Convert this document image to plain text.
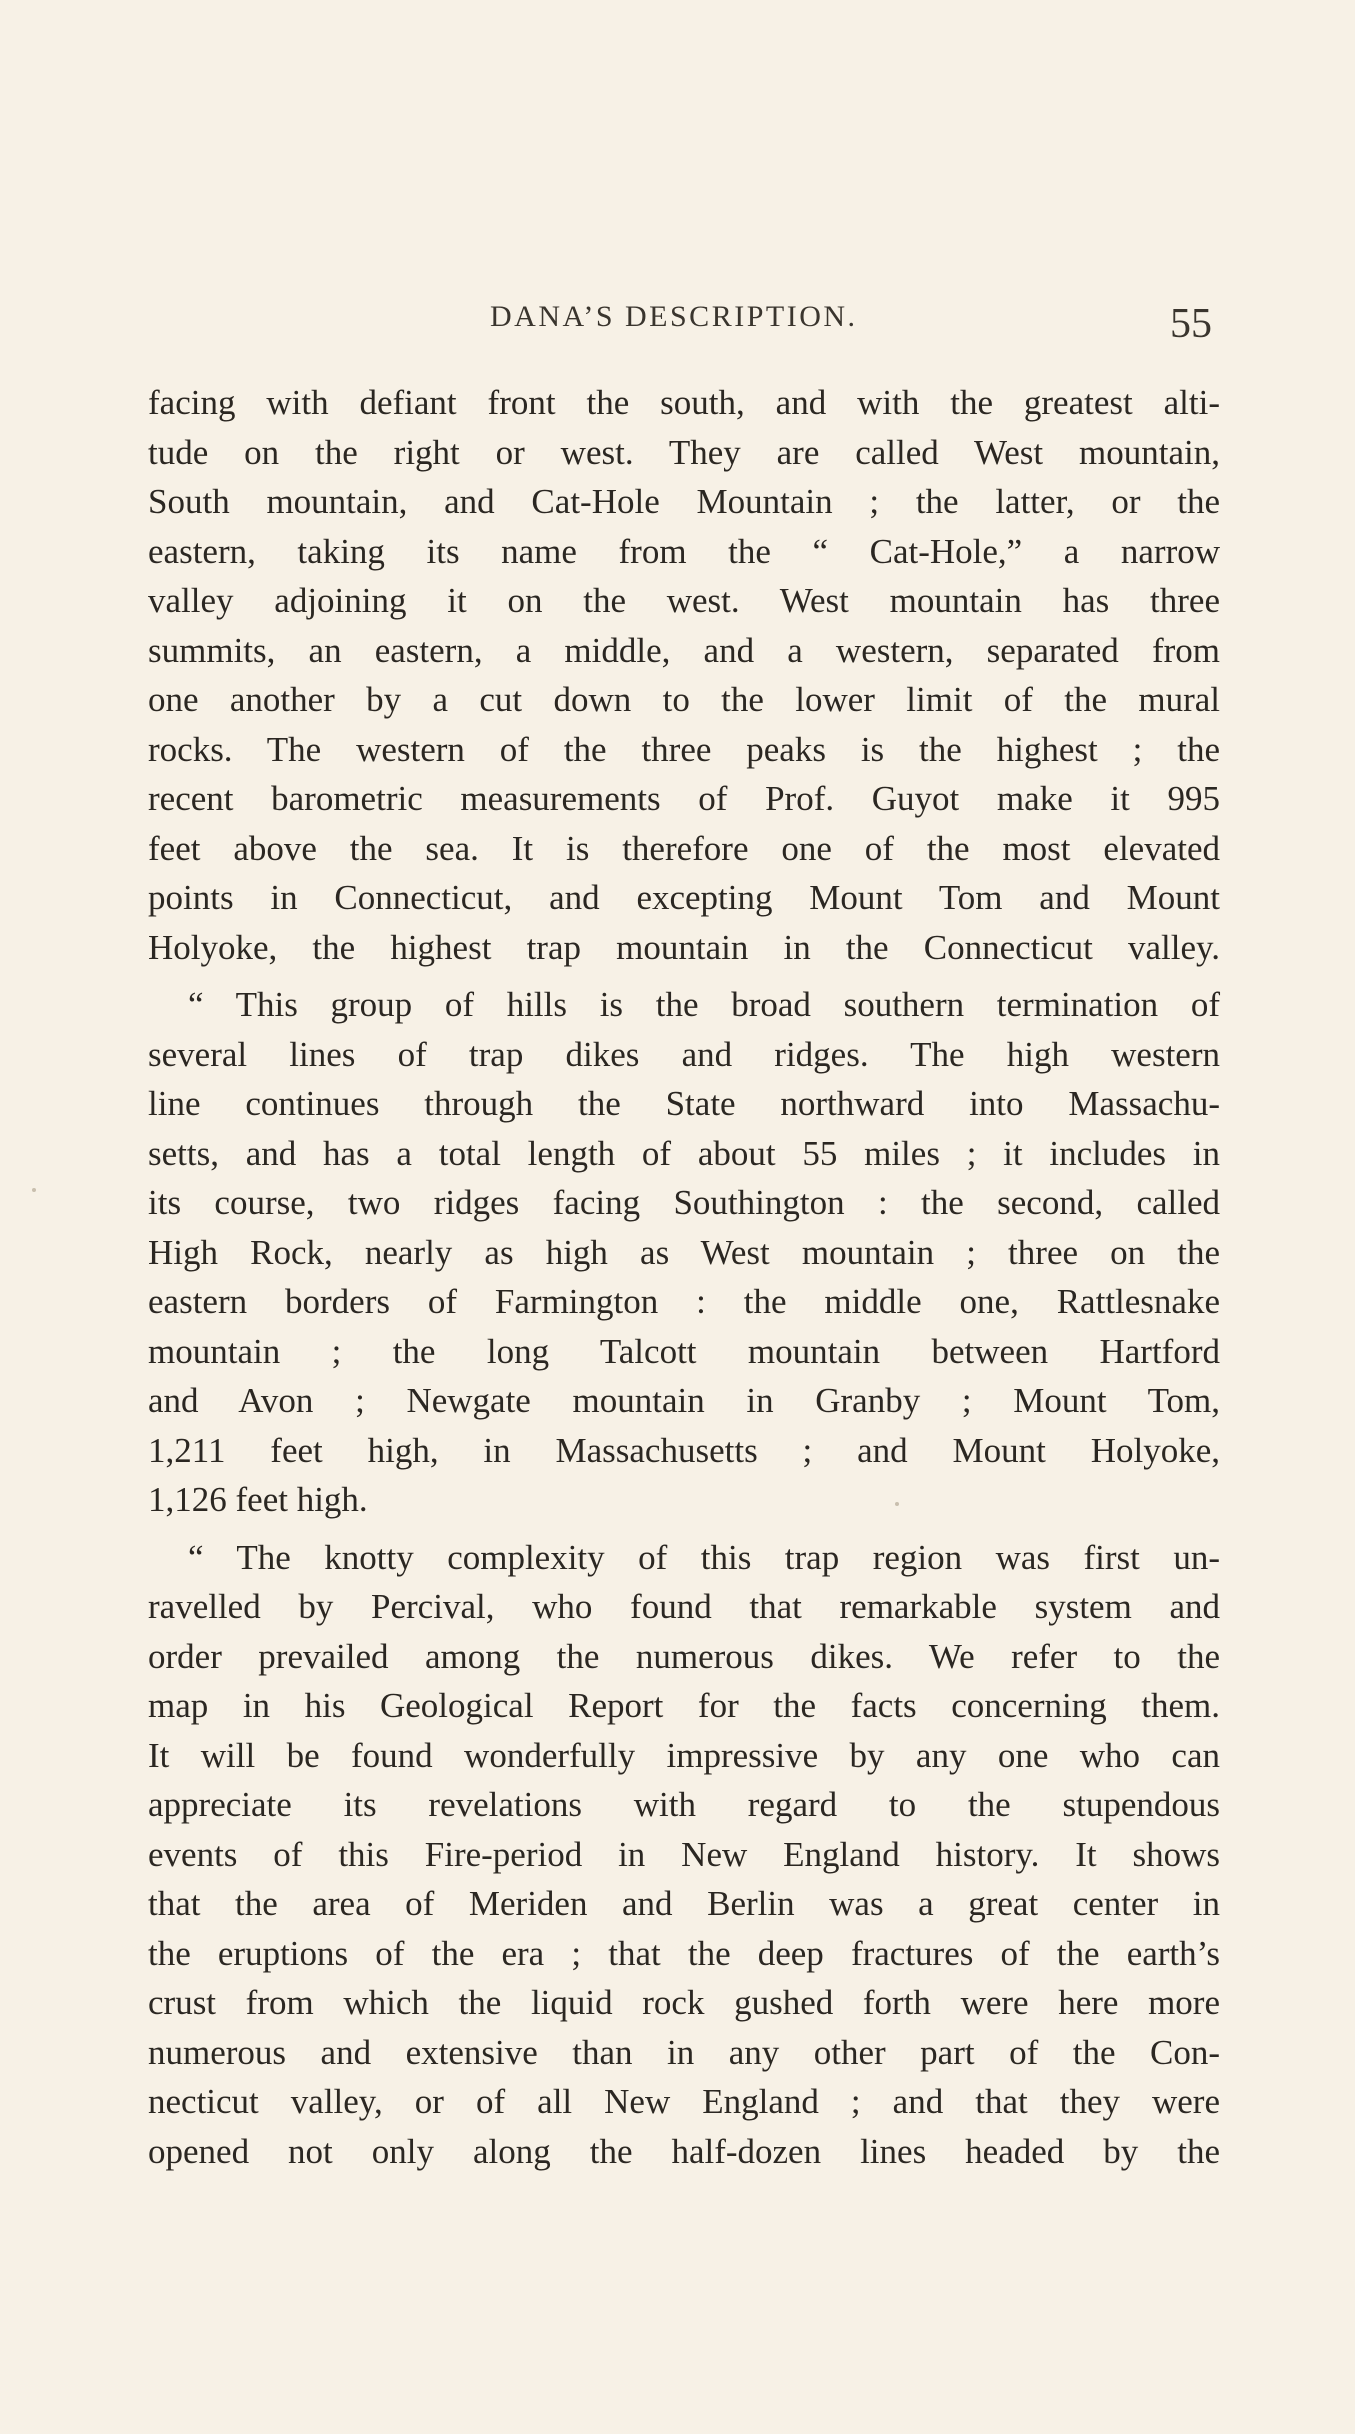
DANA’S DESCRIPTION.	55
facing with defiant front the south, and with the greatest alti-
tude on the right or west. They are called West mountain,
South mountain, and Cat-Hole Mountain ; the latter, or the
eastern, taking its name from the “ Cat-Hole,” a narrow
valley adjoining it on the west. West mountain has three
summits, an eastern, a middle, and a western, separated from
one another by a cut down to the lower limit of the mural
rocks. The western of the three peaks is the highest ; the
recent barometric measurements of Prof. Guyot make it 995
feet above the sea. It is therefore one of the most elevated
points in Connecticut, and excepting Mount Tom and Mount
Holyoke, the highest trap mountain in the Connecticut valley.
“ This group of hills is the broad southern termination of
several lines of trap dikes and ridges. The high western
line continues through the State northward into Massachu-
setts, and has a total length of about 55 miles ; it includes in
its course, two ridges facing Southington : the second, called
High Rock, nearly as high as West mountain ; three on the
eastern borders of Farmington : the middle one, Rattlesnake
mountain ; the long Talcott mountain between Hartford
and Avon ; Newgate mountain in Granby ; Mount Tom,
1,211 feet high, in Massachusetts ; and Mount Holyoke,
1,126 feet high.
“ The knotty complexity of this trap region was first un-
ravelled by Percival, who found that remarkable system and
order prevailed among the numerous dikes. We refer to the
map in his Geological Report for the facts concerning them.
It will be found wonderfully impressive by any one who can
appreciate its revelations with regard to the stupendous
events of this Fire-period in New England history. It shows
that the area of Meriden and Berlin was a great center in
the eruptions of the era ; that the deep fractures of the earth’s
crust from which the liquid rock gushed forth were here more
numerous and extensive than in any other part of the Con-
necticut valley, or of all New England ; and that they were
opened not only along the half-dozen lines headed by the
